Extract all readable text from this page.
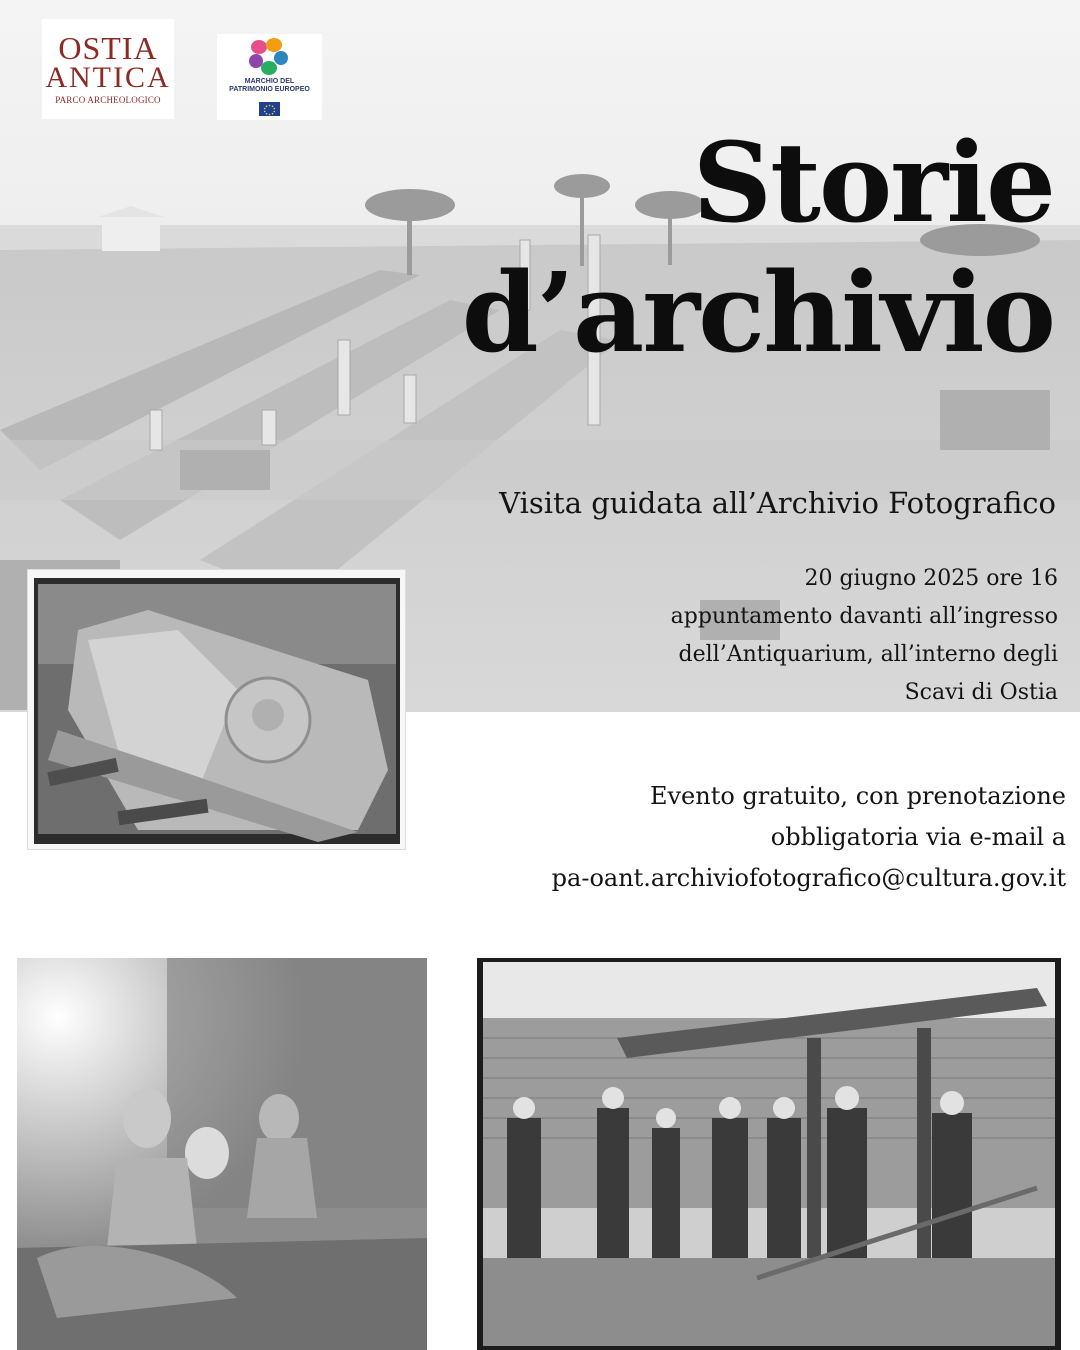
OSTIA
ANTICA
PARCO ARCHEOLOGICO
MARCHIO DEL
PATRIMONIO EUROPEO
Storie
d’archivio
Visita guidata all’Archivio Fotografico
20 giugno 2025 ore 16
appuntamento davanti all’ingresso
dell’Antiquarium, all’interno degli
Scavi di Ostia
Evento gratuito, con prenotazione
obbligatoria via e-mail a
pa-oant.archiviofotografico@cultura.gov.it
